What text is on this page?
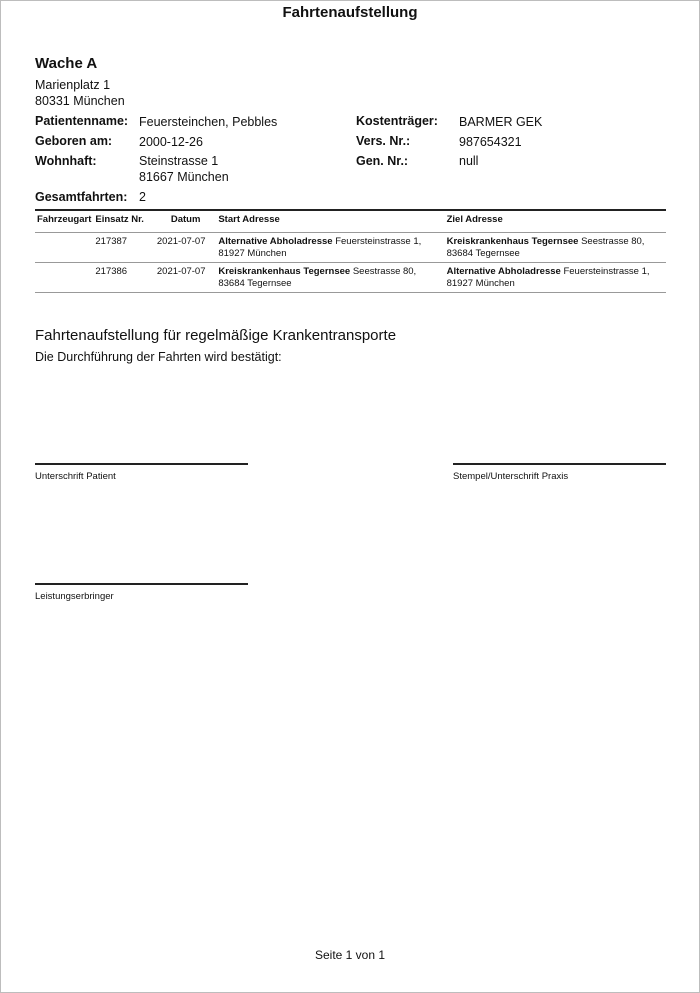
Fahrtenaufstellung
Wache A
Marienplatz 1
80331 München
Patientenname: Feuersteinchen, Pebbles
Geboren am: 2000-12-26
Wohnhaft:	Steinstrasse 1
81667 München
Gesamtfahrten: 2
Kostenträger: BARMER GEK
Vers. Nr.:	987654321
Gen. Nr.:	null
Fahrzeugart	Einsatz Nr.	Datum	Start Adresse	Ziel Adresse
	217387	2021-07-07	Alternative Abholadresse Feuersteinstrasse 1, 81927 München	Kreiskrankenhaus Tegernsee Seestrasse 80, 83684 Tegernsee
	217386	2021-07-07	Kreiskrankenhaus Tegernsee Seestrasse 80, 83684 Tegernsee	Alternative Abholadresse Feuersteinstrasse 1, 81927 München
Fahrtenaufstellung für regelmäßige Krankentransporte
Die Durchführung der Fahrten wird bestätigt:
Unterschrift Patient	Stempel/Unterschrift Praxis
Leistungserbringer
Seite 1 von 1
